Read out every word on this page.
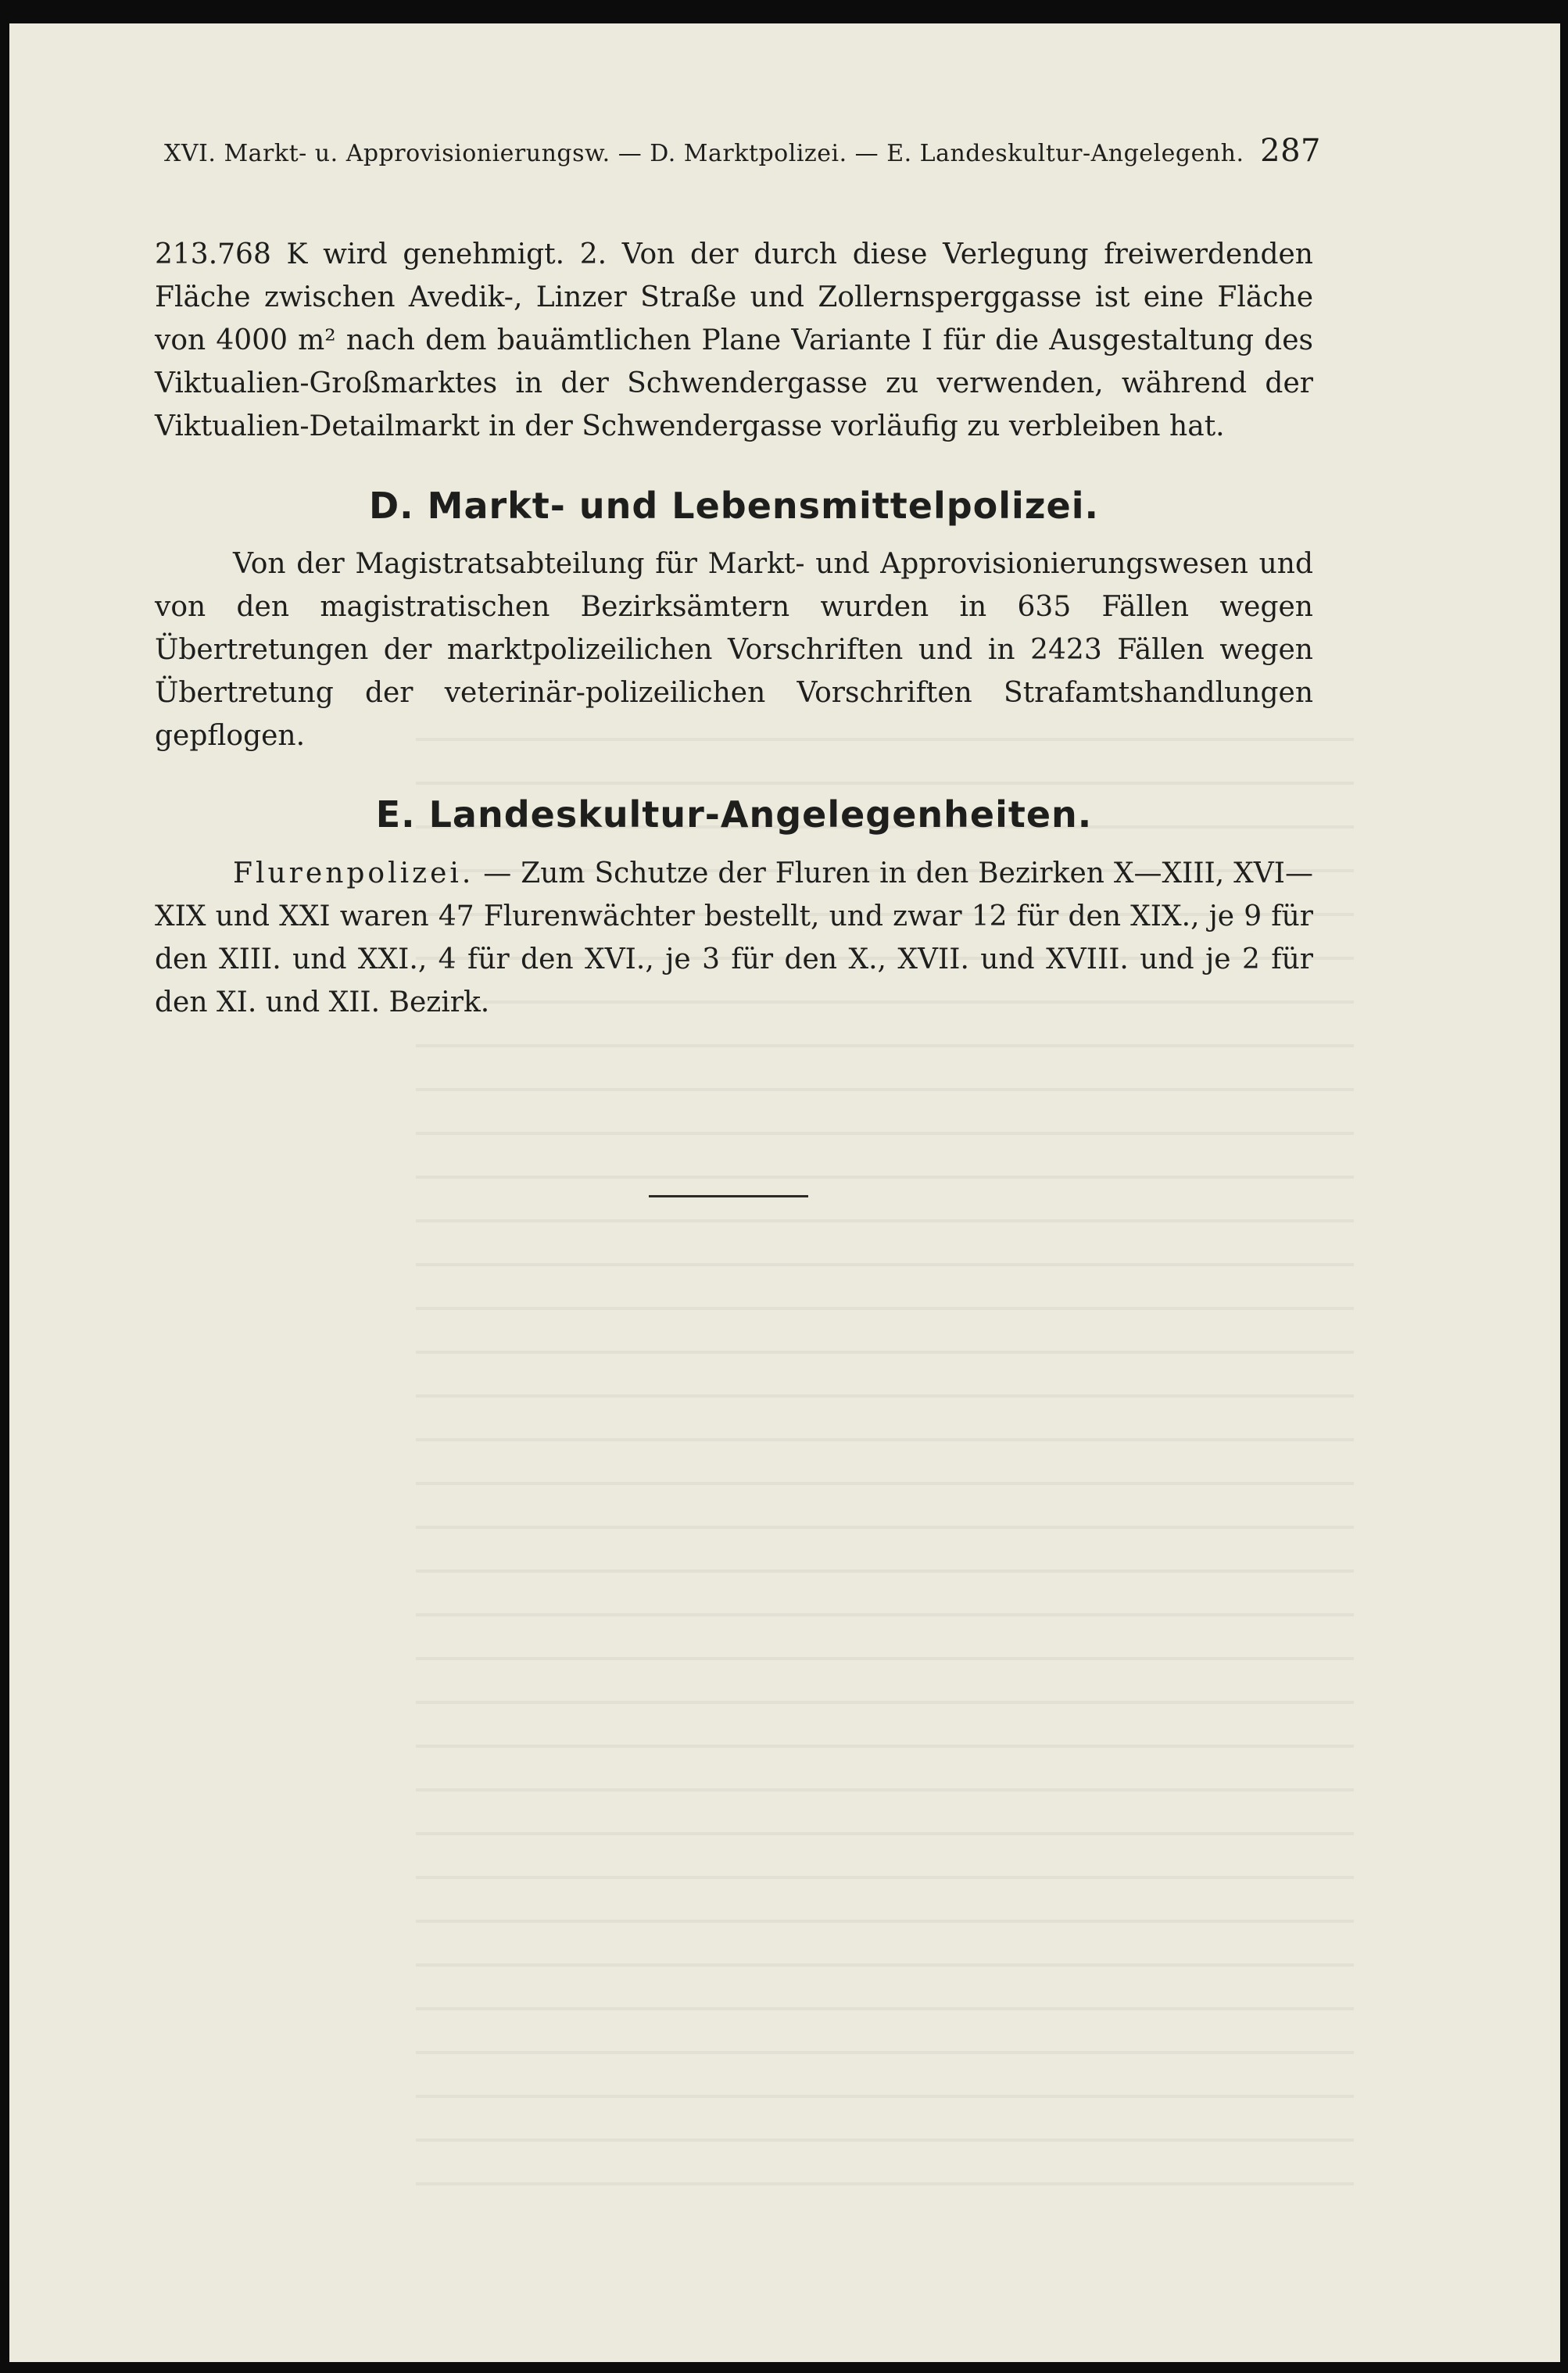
XVI. Markt- u. Approvisionierungsw. — D. Marktpolizei. — E. Landeskultur-Angelegenh. 287

213.768 K wird genehmigt. 2. Von der durch diese Verlegung freiwerdenden Fläche zwischen Avedik-, Linzer Straße und Zollernsperggasse ist eine Fläche von 4000 m² nach dem bauämtlichen Plane Variante I für die Ausgestaltung des Viktualien-Großmarktes in der Schwendergasse zu verwenden, während der Viktualien-Detailmarkt in der Schwendergasse vorläufig zu verbleiben hat.

D. Markt- und Lebensmittelpolizei.

Von der Magistratsabteilung für Markt- und Approvisionierungswesen und von den magistratischen Bezirksämtern wurden in 635 Fällen wegen Übertretungen der marktpolizeilichen Vorschriften und in 2423 Fällen wegen Übertretung der veterinär-polizeilichen Vorschriften Strafamtshandlungen gepflogen.

E. Landeskultur-Angelegenheiten.

Flurenpolizei. — Zum Schutze der Fluren in den Bezirken X—XIII, XVI—XIX und XXI waren 47 Flurenwächter bestellt, und zwar 12 für den XIX., je 9 für den XIII. und XXI., 4 für den XVI., je 3 für den X., XVII. und XVIII. und je 2 für den XI. und XII. Bezirk.
